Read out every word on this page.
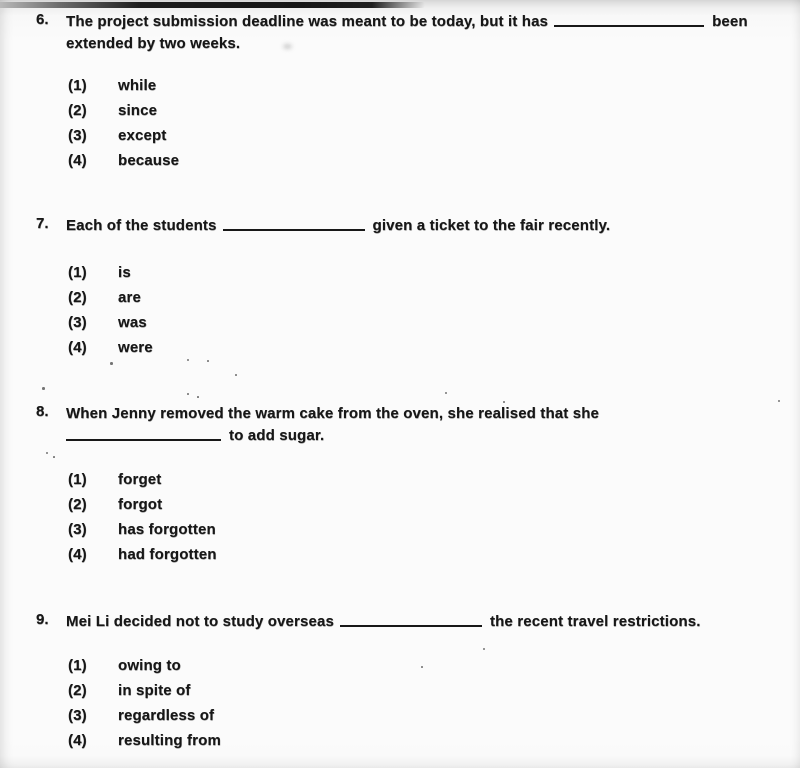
6. The project submission deadline was meant to be today, but it has	been
extended by two weeks.

(1)	while
(2)	since
(3)	except
(4)	because
7. Each of the students	given a ticket to the fair recently.

(1)	is
(2)	are
(3)	was
(4)	were
8. When Jenny removed the warm cake from the oven, she realised that she
to add sugar.

(1)	forget
(2)	forgot
(3)	has forgotten
(4)	had forgotten
9. Mei Li decided not to study overseas	the recent travel restrictions.

(1)	owing to
(2)	in spite of
(3)	regardless of
(4)	resulting from
